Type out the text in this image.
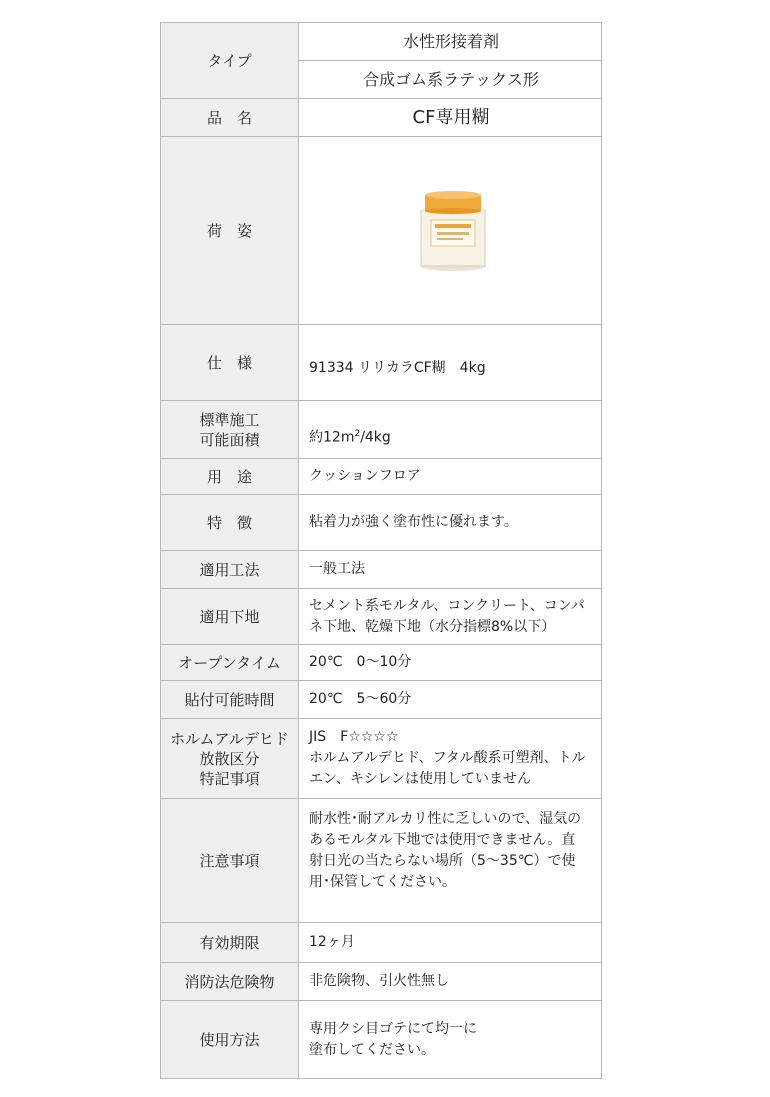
タイプ	水性形接着剤
	合成ゴム系ラテックス形
品　名	CF専用糊
荷　姿	

仕　様	91334 リリカラCF糊　4kg

標準施工
可能面積	約$12m^2/4kg$
用　途	クッションフロア
特　徴	粘着力が強く塗布性に優れます。
適用工法	一般工法
適用下地	セメント系モルタル、コンクリート、コンパ
ネ下地、乾燥下地（水分指標8%以下）

オープンタイム	20℃　0〜10分
貼付可能時間	20℃　5〜60分

ホルムアルデヒド
放散区分
特記事項	JIS　F☆☆☆☆
ホルムアルデヒド、フタル酸系可塑剤、トル
エン、キシレンは使用していません

注意事項	耐水性･耐アルカリ性に乏しいので、湿気の
あるモルタル下地では使用できません。直
射日光の当たらない場所（5〜35℃）で使
用･保管してください。

有効期限	12ヶ月
消防法危険物	非危険物、引火性無し
使用方法	専用クシ目ゴテにて均一に
塗布してください。
